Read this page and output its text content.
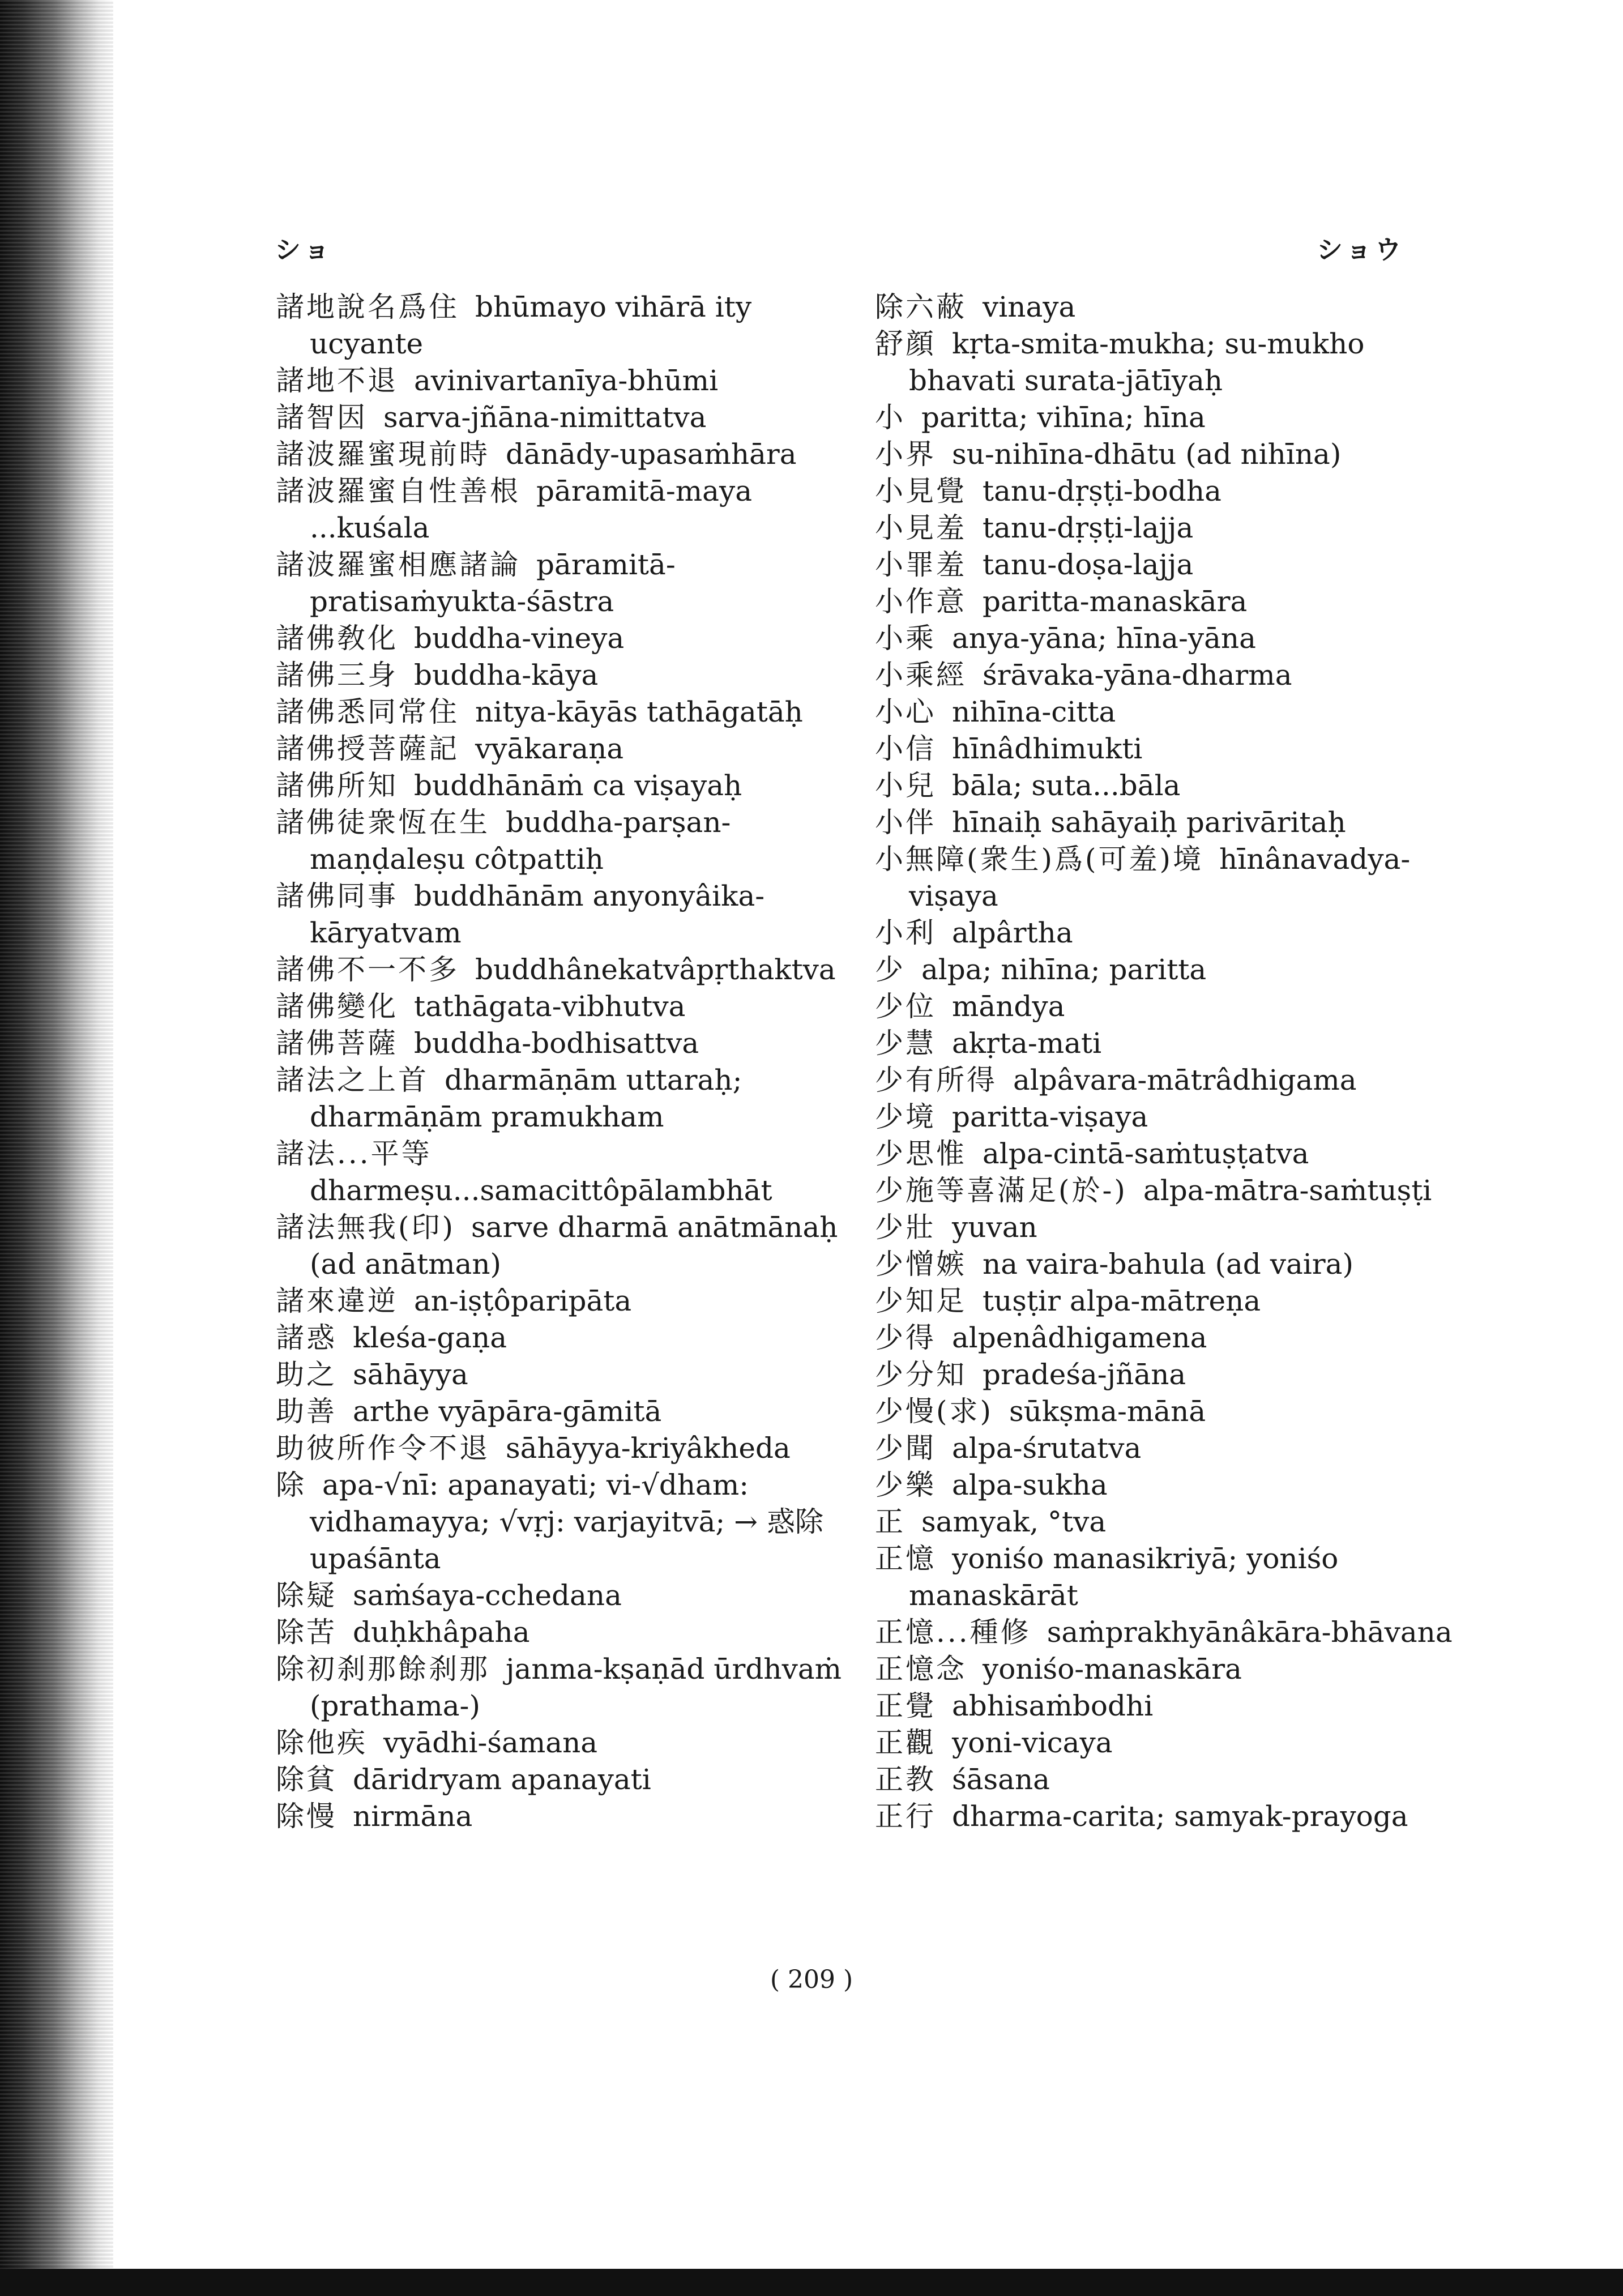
ショ	ショウ
諸地說名爲住 bhūmayo vihārā ity ucyante
諸地不退 avinivartanīya-bhūmi
諸智因 sarva-jñāna-nimittatva
諸波羅蜜現前時 dānādy-upasaṁhāra
諸波羅蜜自性善根 pāramitā-maya ...kuśala
諸波羅蜜相應諸論 pāramitā-pratisaṁyukta-śāstra
諸佛敎化 buddha-vineya
諸佛三身 buddha-kāya
諸佛悉同常住 nitya-kāyās tathāgatāḥ
諸佛授菩薩記 vyākaraṇa
諸佛所知 buddhānāṁ ca viṣayaḥ
諸佛徒衆恆在生 buddha-parṣan-maṇḍaleṣu côtpattiḥ
諸佛同事 buddhānām anyonyâika-kāryatvam
諸佛不一不多 buddhânekatvâpṛthaktva
諸佛變化 tathāgata-vibhutva
諸佛菩薩 buddha-bodhisattva
諸法之上首 dharmāṇām uttaraḥ; dharmāṇām pramukham
諸法...平等dharmeṣu...samacittôpālambhāt
諸法無我(印) sarve dharmā anātmānaḥ (ad anātman)
諸來違逆 an-iṣṭôparipāta
諸惑 kleśa-gaṇa
助之 sāhāyya
助善 arthe vyāpāra-gāmitā
助彼所作令不退 sāhāyya-kriyâkheda
除 apa-√nī: apanayati; vi-√dham: vidhamayya; √vṛj: varjayitvā; → 惑除 upaśānta
除疑 saṁśaya-cchedana
除苦 duḥkhâpaha
除初刹那餘刹那 janma-kṣaṇād ūrdhvaṁ (prathama-)
除他疾 vyādhi-śamana
除貧 dāridryam apanayati
除慢 nirmāna
除六蔽 vinaya
舒顔 kṛta-smita-mukha; su-mukho bhavati surata-jātīyaḥ
小 paritta; vihīna; hīna
小界 su-nihīna-dhātu (ad nihīna)
小見覺 tanu-dṛṣṭi-bodha
小見羞 tanu-dṛṣṭi-lajja
小罪羞 tanu-doṣa-lajja
小作意 paritta-manaskāra
小乘 anya-yāna; hīna-yāna
小乘經 śrāvaka-yāna-dharma
小心 nihīna-citta
小信 hīnâdhimukti
小兒 bāla; suta...bāla
小伴 hīnaiḥ sahāyaiḥ parivāritaḥ
小無障(衆生)爲(可羞)境 hīnânavadya-viṣaya
小利 alpârtha
少 alpa; nihīna; paritta
少位 māndya
少慧 akṛta-mati
少有所得 alpâvara-mātrâdhigama
少境 paritta-viṣaya
少思惟 alpa-cintā-saṁtuṣṭatva
少施等喜滿足(於-) alpa-mātra-saṁtuṣṭi
少壯 yuvan
少憎嫉 na vaira-bahula (ad vaira)
少知足 tuṣṭir alpa-mātreṇa
少得 alpenâdhigamena
少分知 pradeśa-jñāna
少慢(求) sūkṣma-mānā
少聞 alpa-śrutatva
少樂 alpa-sukha
正 samyak, °tva
正憶 yoniśo manasikriyā; yoniśo manaskārāt
正憶...種修 saṁprakhyānâkāra-bhāvana
正憶念 yoniśo-manaskāra
正覺 abhisaṁbodhi
正觀 yoni-vicaya
正教 śāsana
正行 dharma-carita; samyak-prayoga
( 209 )
